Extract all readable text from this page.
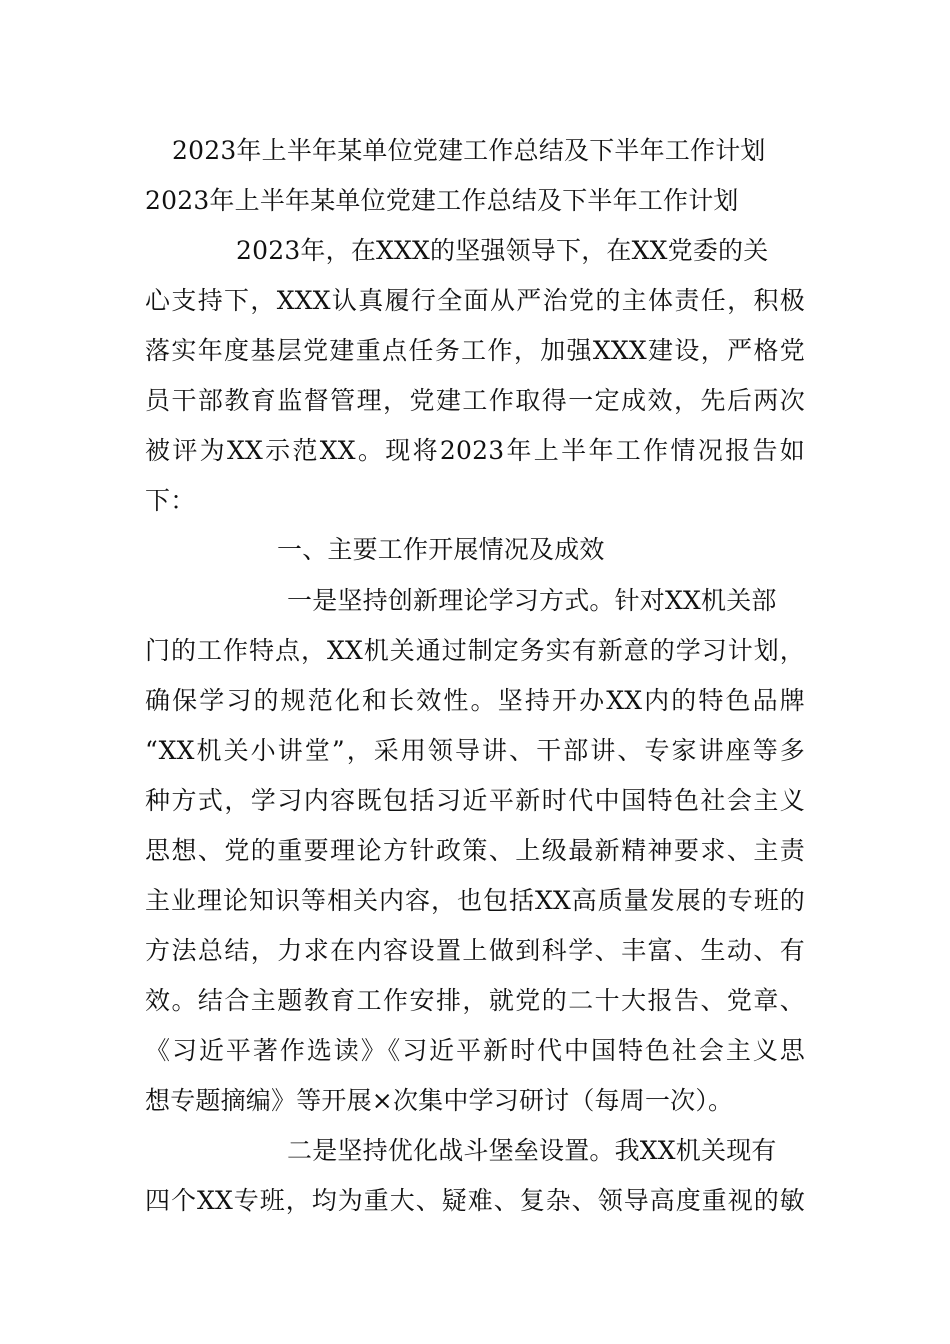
2023年上半年某单位党建工作总结及下半年工作计划
2023年上半年某单位党建工作总结及下半年工作计划
2023年，在XXX的坚强领导下，在XX党委的关
心支持下，XXX认真履行全面从严治党的主体责任，积极
落实年度基层党建重点任务工作，加强XXX建设，严格党
员干部教育监督管理，党建工作取得一定成效，先后两次
被评为XX示范XX。现将2023年上半年工作情况报告如
下：
一、主要工作开展情况及成效
一是坚持创新理论学习方式。针对XX机关部
门的工作特点，XX机关通过制定务实有新意的学习计划，
确保学习的规范化和长效性。坚持开办XX内的特色品牌
“XX机关小讲堂”，采用领导讲、干部讲、专家讲座等多
种方式，学习内容既包括习近平新时代中国特色社会主义
思想、党的重要理论方针政策、上级最新精神要求、主责
主业理论知识等相关内容，也包括XX高质量发展的专班的
方法总结，力求在内容设置上做到科学、丰富、生动、有
效。结合主题教育工作安排，就党的二十大报告、党章、
《习近平著作选读》《习近平新时代中国特色社会主义思
想专题摘编》等开展×次集中学习研讨（每周一次）。
二是坚持优化战斗堡垒设置。我XX机关现有
四个XX专班，均为重大、疑难、复杂、领导高度重视的敏
